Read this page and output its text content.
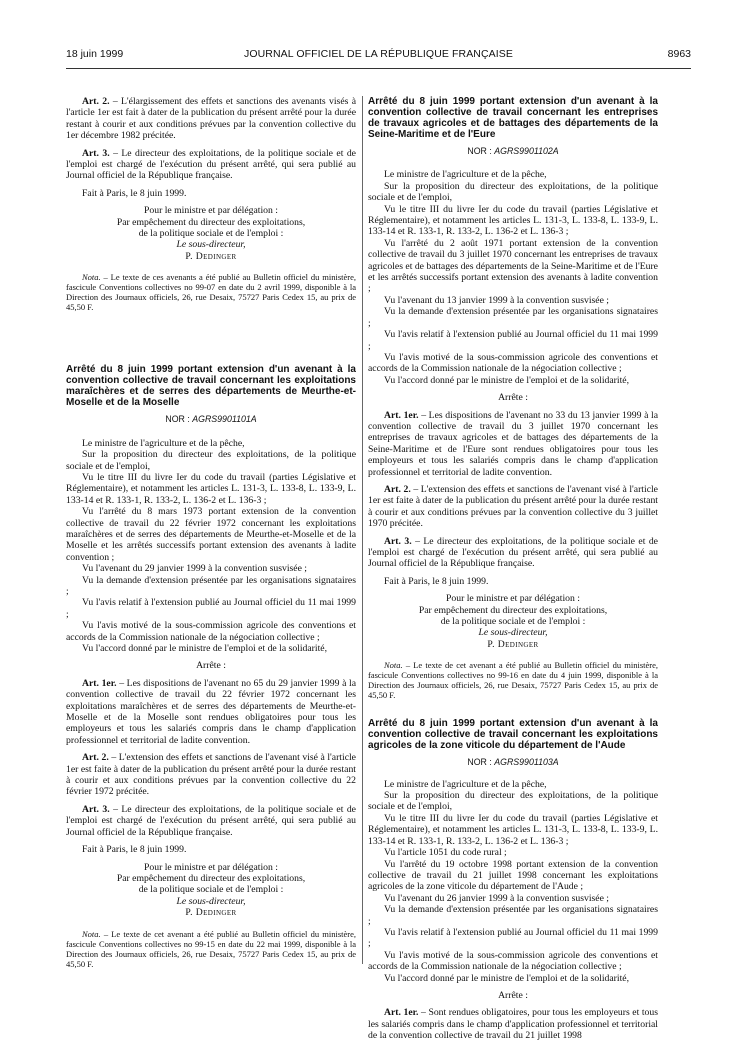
18 juin 1999	JOURNAL OFFICIEL DE LA RÉPUBLIQUE FRANÇAISE	8963

Art. 2. – L'élargissement des effets et sanctions des avenants visés à l'article 1er est fait à dater de la publication du présent arrêté pour la durée restant à courir et aux conditions prévues par la convention collective du 1er décembre 1982 précitée.

Art. 3. – Le directeur des exploitations, de la politique sociale et de l'emploi est chargé de l'exécution du présent arrêté, qui sera publié au Journal officiel de la République française.

Fait à Paris, le 8 juin 1999.

Pour le ministre et par délégation :

Par empêchement du directeur des exploitations,

de la politique sociale et de l'emploi :

Le sous-directeur,

P. Dedinger

Nota. – Le texte de ces avenants a été publié au Bulletin officiel du ministère, fascicule Conventions collectives no 99-07 en date du 2 avril 1999, disponible à la Direction des Journaux officiels, 26, rue Desaix, 75727 Paris Cedex 15, au prix de 45,50 F.

Arrêté du 8 juin 1999 portant extension d'un avenant à la convention collective de travail concernant les exploitations maraîchères et de serres des départements de Meurthe-et-Moselle et de la Moselle

NOR : AGRS9901101A

Le ministre de l'agriculture et de la pêche,

Sur la proposition du directeur des exploitations, de la politique sociale et de l'emploi,

Vu le titre III du livre Ier du code du travail (parties Législative et Réglementaire), et notamment les articles L. 131-3, L. 133-8, L. 133-9, L. 133-14 et R. 133-1, R. 133-2, L. 136-2 et L. 136-3 ;

Vu l'arrêté du 8 mars 1973 portant extension de la convention collective de travail du 22 février 1972 concernant les exploitations maraîchères et de serres des départements de Meurthe-et-Moselle et de la Moselle et les arrêtés successifs portant extension des avenants à ladite convention ;

Vu l'avenant du 29 janvier 1999 à la convention susvisée ;

Vu la demande d'extension présentée par les organisations signataires ;

Vu l'avis relatif à l'extension publié au Journal officiel du 11 mai 1999 ;

Vu l'avis motivé de la sous-commission agricole des conventions et accords de la Commission nationale de la négociation collective ;

Vu l'accord donné par le ministre de l'emploi et de la solidarité,

Arrête :

Art. 1er. – Les dispositions de l'avenant no 65 du 29 janvier 1999 à la convention collective de travail du 22 février 1972 concernant les exploitations maraîchères et de serres des départements de Meurthe-et-Moselle et de la Moselle sont rendues obligatoires pour tous les employeurs et tous les salariés compris dans le champ d'application professionnel et territorial de ladite convention.

Art. 2. – L'extension des effets et sanctions de l'avenant visé à l'article 1er est faite à dater de la publication du présent arrêté pour la durée restant à courir et aux conditions prévues par la convention collective du 22 février 1972 précitée.

Art. 3. – Le directeur des exploitations, de la politique sociale et de l'emploi est chargé de l'exécution du présent arrêté, qui sera publié au Journal officiel de la République française.

Fait à Paris, le 8 juin 1999.

Pour le ministre et par délégation :

Par empêchement du directeur des exploitations,

de la politique sociale et de l'emploi :

Le sous-directeur,

P. Dedinger

Nota. – Le texte de cet avenant a été publié au Bulletin officiel du ministère, fascicule Conventions collectives no 99-15 en date du 22 mai 1999, disponible à la Direction des Journaux officiels, 26, rue Desaix, 75727 Paris Cedex 15, au prix de 45,50 F.

Arrêté du 8 juin 1999 portant extension d'un avenant à la convention collective de travail concernant les entreprises de travaux agricoles et de battages des départements de la Seine-Maritime et de l'Eure

NOR : AGRS9901102A

Le ministre de l'agriculture et de la pêche,

Sur la proposition du directeur des exploitations, de la politique sociale et de l'emploi,

Vu le titre III du livre Ier du code du travail (parties Législative et Réglementaire), et notamment les articles L. 131-3, L. 133-8, L. 133-9, L. 133-14 et R. 133-1, R. 133-2, L. 136-2 et L. 136-3 ;

Vu l'arrêté du 2 août 1971 portant extension de la convention collective de travail du 3 juillet 1970 concernant les entreprises de travaux agricoles et de battages des départements de la Seine-Maritime et de l'Eure et les arrêtés successifs portant extension des avenants à ladite convention ;

Vu l'avenant du 13 janvier 1999 à la convention susvisée ;

Vu la demande d'extension présentée par les organisations signataires ;

Vu l'avis relatif à l'extension publié au Journal officiel du 11 mai 1999 ;

Vu l'avis motivé de la sous-commission agricole des conventions et accords de la Commission nationale de la négociation collective ;

Vu l'accord donné par le ministre de l'emploi et de la solidarité,

Arrête :

Art. 1er. – Les dispositions de l'avenant no 33 du 13 janvier 1999 à la convention collective de travail du 3 juillet 1970 concernant les entreprises de travaux agricoles et de battages des départements de la Seine-Maritime et de l'Eure sont rendues obligatoires pour tous les employeurs et tous les salariés compris dans le champ d'application professionnel et territorial de ladite convention.

Art. 2. – L'extension des effets et sanctions de l'avenant visé à l'article 1er est faite à dater de la publication du présent arrêté pour la durée restant à courir et aux conditions prévues par la convention collective du 3 juillet 1970 précitée.

Art. 3. – Le directeur des exploitations, de la politique sociale et de l'emploi est chargé de l'exécution du présent arrêté, qui sera publié au Journal officiel de la République française.

Fait à Paris, le 8 juin 1999.

Pour le ministre et par délégation :

Par empêchement du directeur des exploitations,

de la politique sociale et de l'emploi :

Le sous-directeur,

P. Dedinger

Nota. – Le texte de cet avenant a été publié au Bulletin officiel du ministère, fascicule Conventions collectives no 99-16 en date du 4 juin 1999, disponible à la Direction des Journaux officiels, 26, rue Desaix, 75727 Paris Cedex 15, au prix de 45,50 F.

Arrêté du 8 juin 1999 portant extension d'un avenant à la convention collective de travail concernant les exploitations agricoles de la zone viticole du département de l'Aude

NOR : AGRS9901103A

Le ministre de l'agriculture et de la pêche,

Sur la proposition du directeur des exploitations, de la politique sociale et de l'emploi,

Vu le titre III du livre Ier du code du travail (parties Législative et Réglementaire), et notamment les articles L. 131-3, L. 133-8, L. 133-9, L. 133-14 et R. 133-1, R. 133-2, L. 136-2 et L. 136-3 ;

Vu l'article 1051 du code rural ;

Vu l'arrêté du 19 octobre 1998 portant extension de la convention collective de travail du 21 juillet 1998 concernant les exploitations agricoles de la zone viticole du département de l'Aude ;

Vu l'avenant du 26 janvier 1999 à la convention susvisée ;

Vu la demande d'extension présentée par les organisations signataires ;

Vu l'avis relatif à l'extension publié au Journal officiel du 11 mai 1999 ;

Vu l'avis motivé de la sous-commission agricole des conventions et accords de la Commission nationale de la négociation collective ;

Vu l'accord donné par le ministre de l'emploi et de la solidarité,

Arrête :

Art. 1er. – Sont rendues obligatoires, pour tous les employeurs et tous les salariés compris dans le champ d'application professionnel et territorial de la convention collective de travail du 21 juillet 1998
